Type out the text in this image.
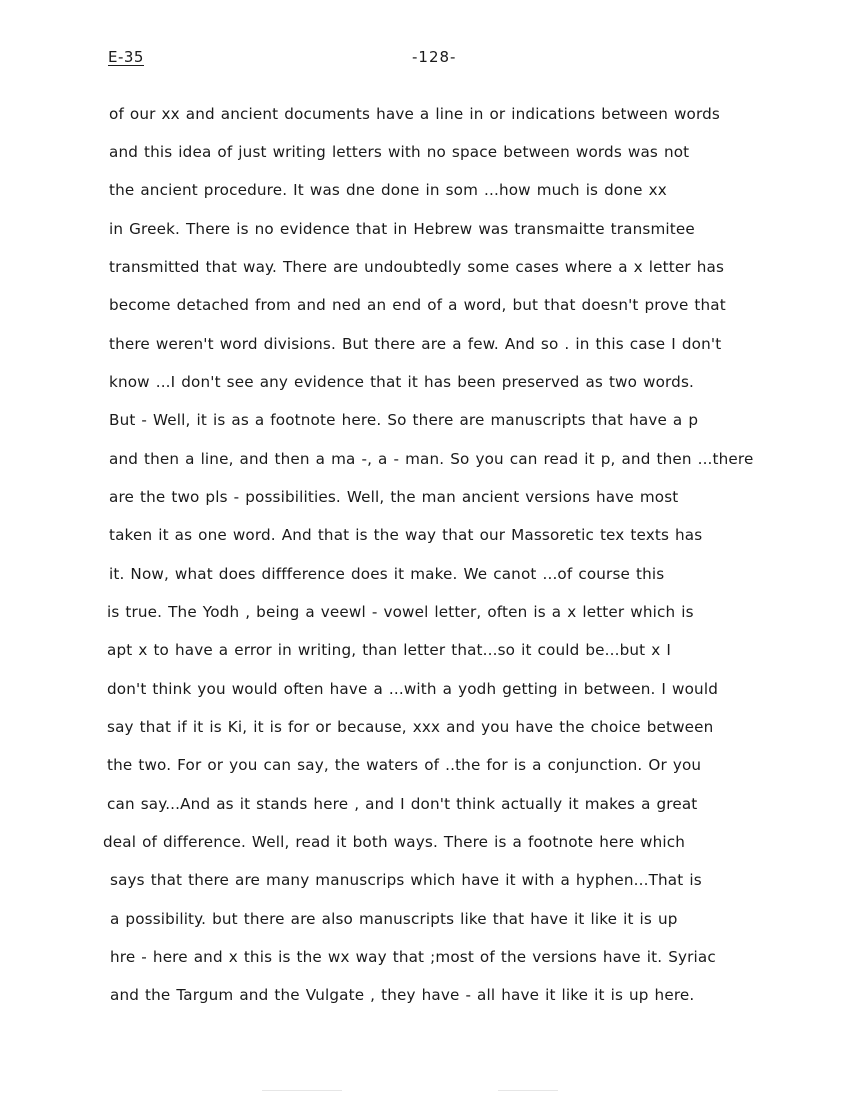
E-35	-128-
of our xx and ancient documents have a line in or indications between words
and this idea of just writing letters with no space between words was not
the ancient procedure. It was dne done in som ...how much is done xx
in Greek. There is no evidence that in Hebrew was transmaitte transmitee
transmitted that way. There are undoubtedly some cases where a x letter has
become detached from and ned an end of a word, but that doesn't prove that
there weren't word divisions. But there are a few. And so . in this case I don't
know ...I don't see any evidence that it has been preserved as two words.
But - Well, it is as a footnote here. So there are manuscripts that have a p
and then a line, and then a ma -, a - man. So you can read it p, and then ...there
are the two pls - possibilities. Well, the man ancient versions have most
taken it as one word. And that is the way that our Massoretic tex texts has
it. Now, what does diffference does it make. We canot ...of course this
is true. The Yodh , being a veewl - vowel letter, often is a x letter which is
apt x to have a error in writing, than letter that...so it could be...but x I
don't think you would often have a ...with a yodh getting in between. I would
say that if it is Ki, it is for or because, xxx and you have the choice between
the two. For or you can say, the waters of ..the for is a conjunction. Or you
can say...And as it stands here , and I don't think actually it makes a great
deal of difference. Well, read it both ways. There is a footnote here which
says that there are many manuscrips which have it with a hyphen...That is
a possibility. but there are also manuscripts like that have it like it is up
hre - here and x this is the wx way that ;most of the versions have it. Syriac
and the Targum and the Vulgate , they have - all have it like it is up here.
